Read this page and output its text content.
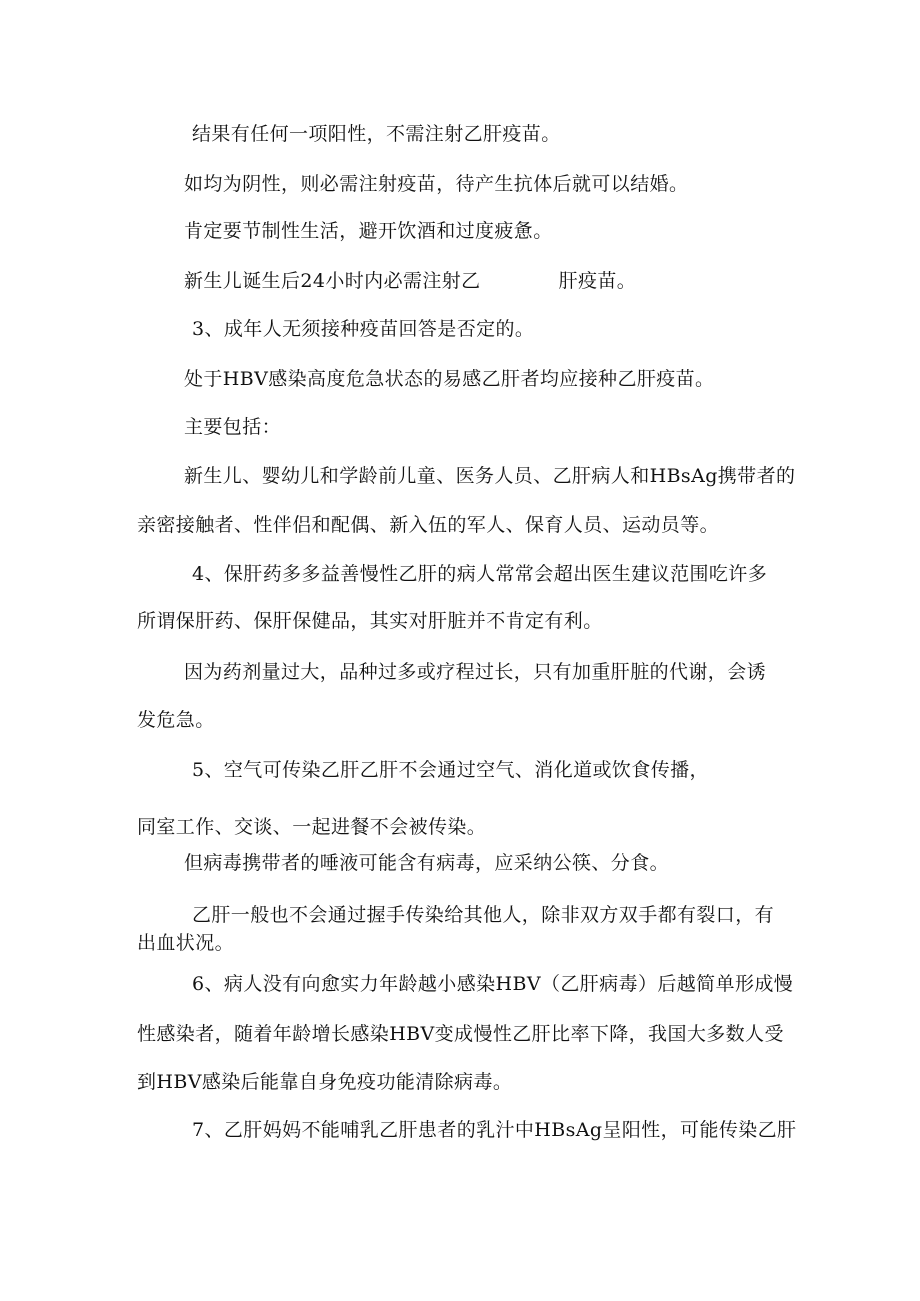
结果有任何一项阳性，不需注射乙肝疫苗。
如均为阴性，则必需注射疫苗，待产生抗体后就可以结婚。
肯定要节制性生活，避开饮酒和过度疲惫。
新生儿诞生后24小时内必需注射乙	肝疫苗。
3、成年人无须接种疫苗回答是否定的。
处于HBV感染高度危急状态的易感乙肝者均应接种乙肝疫苗。
主要包括：
新生儿、婴幼儿和学龄前儿童、医务人员、乙肝病人和HBsAg携带者的
亲密接触者、性伴侣和配偶、新入伍的军人、保育人员、运动员等。
4、保肝药多多益善慢性乙肝的病人常常会超出医生建议范围吃许多
所谓保肝药、保肝保健品，其实对肝脏并不肯定有利。
因为药剂量过大，品种过多或疗程过长，只有加重肝脏的代谢，会诱
发危急。
5、空气可传染乙肝乙肝不会通过空气、消化道或饮食传播，
同室工作、交谈、一起进餐不会被传染。
但病毒携带者的唾液可能含有病毒，应采纳公筷、分食。
乙肝一般也不会通过握手传染给其他人，除非双方双手都有裂口，有
出血状况。
6、病人没有向愈实力年龄越小感染HBV（乙肝病毒）后越简单形成慢
性感染者，随着年龄增长感染HBV变成慢性乙肝比率下降，我国大多数人受
到HBV感染后能靠自身免疫功能清除病毒。
7、乙肝妈妈不能哺乳乙肝患者的乳汁中HBsAg呈阳性，可能传染乙肝
